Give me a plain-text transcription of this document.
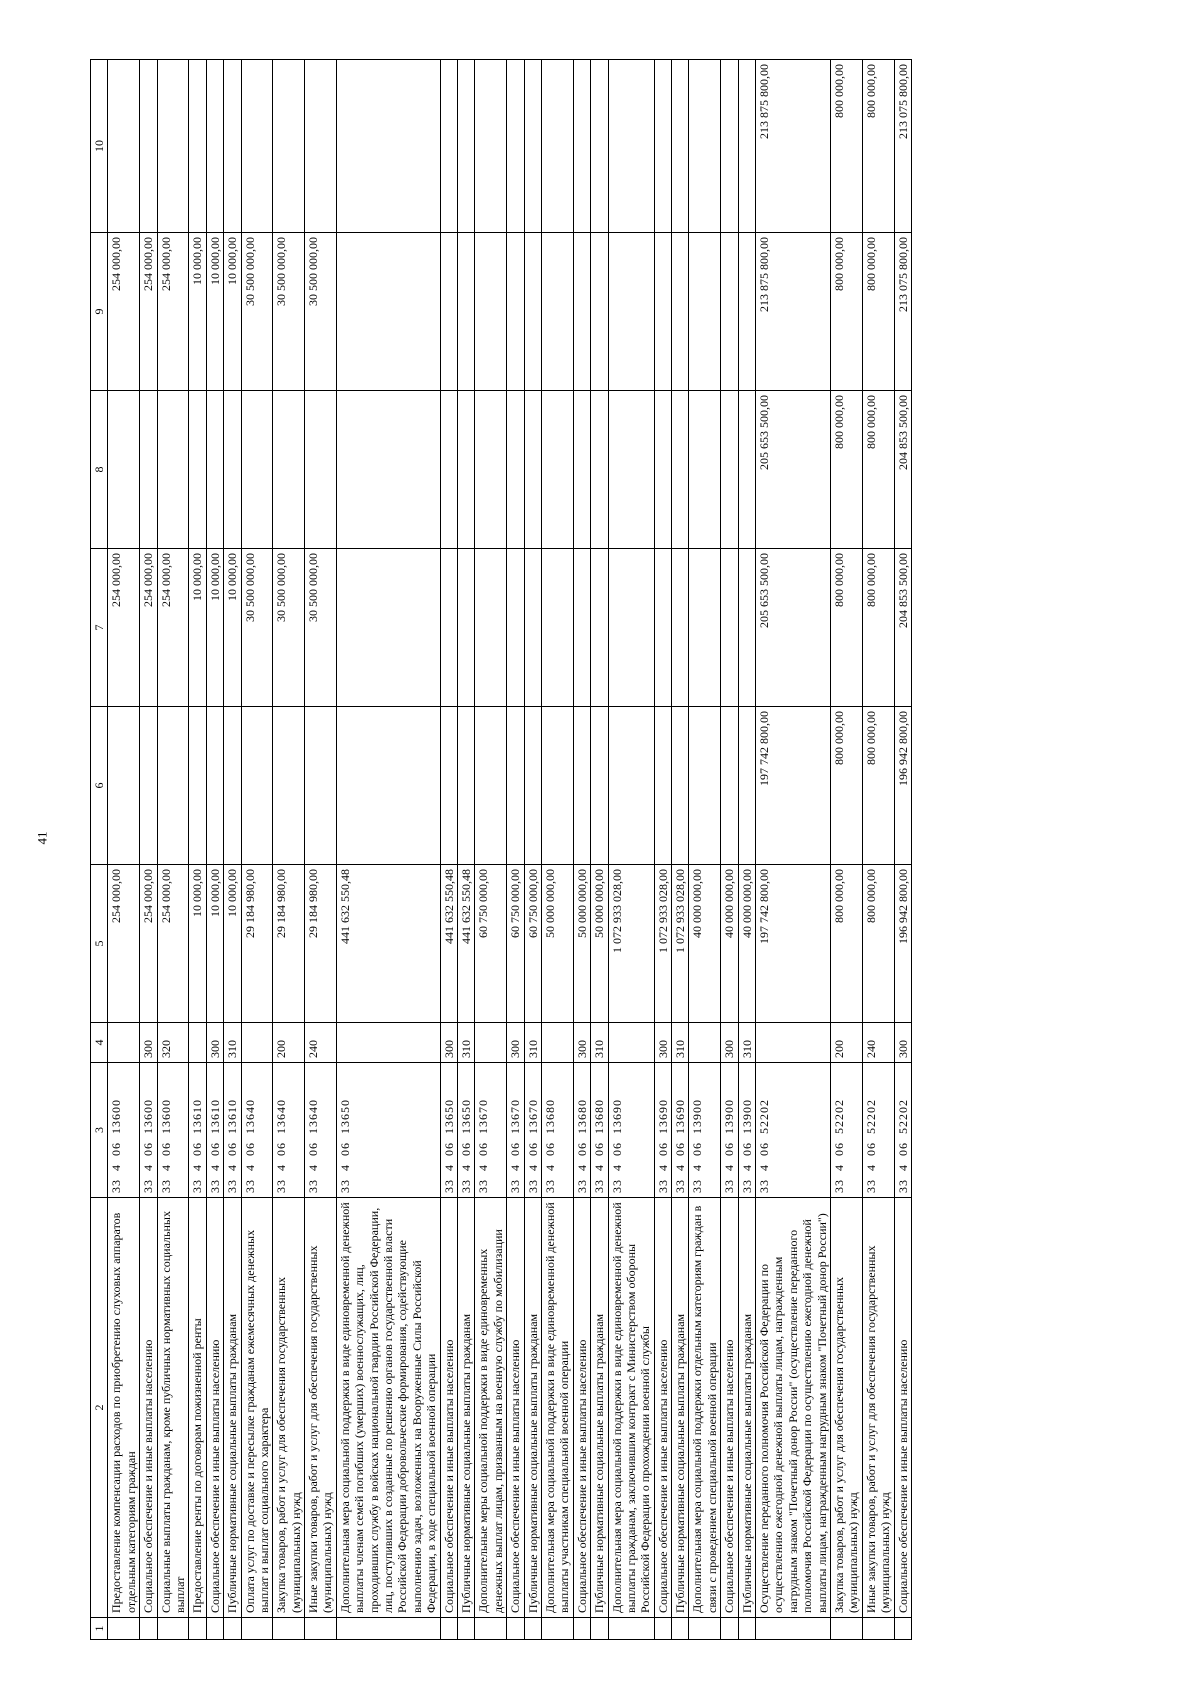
41
1	2	3	4	5	6	7	8	9	10
	Предоставление компенсации расходов по приобретению слуховых аппаратов отдельным категориям граждан	3340613600		254 000,00		254 000,00		254 000,00	
	Социальное обеспечение и иные выплаты населению	3340613600	300	254 000,00		254 000,00		254 000,00	
	Социальные выплаты гражданам, кроме публичных нормативных социальных выплат	3340613600	320	254 000,00		254 000,00		254 000,00	
	Предоставление ренты по договорам пожизненной ренты	3340613610		10 000,00		10 000,00		10 000,00	
	Социальное обеспечение и иные выплаты населению	3340613610	300	10 000,00		10 000,00		10 000,00	
	Публичные нормативные социальные выплаты гражданам	3340613610	310	10 000,00		10 000,00		10 000,00	
	Оплата услуг по доставке и пересылке гражданам ежемесячных денежных выплат и выплат социального характера	3340613640		29 184 980,00		30 500 000,00		30 500 000,00	
	Закупка товаров, работ и услуг для обеспечения государственных (муниципальных) нужд	3340613640	200	29 184 980,00		30 500 000,00		30 500 000,00	
	Иные закупки товаров, работ и услуг для обеспечения государственных (муниципальных) нужд	3340613640	240	29 184 980,00		30 500 000,00		30 500 000,00	
	Дополнительная мера социальной поддержки в виде единовременной денежной выплаты членам семей погибших (умерших) военнослужащих, лиц, проходивших службу в войсках национальной гвардии Российской Федерации, лиц, поступивших в созданные по решению органов государственной власти Российской Федерации добровольческие формирования, содействующие выполнению задач, возложенных на Вооруженные Силы Российской Федерации, в ходе специальной военной операции	3340613650		441 632 550,48					
	Социальное обеспечение и иные выплаты населению	3340613650	300	441 632 550,48					
	Публичные нормативные социальные выплаты гражданам	3340613650	310	441 632 550,48					
	Дополнительные меры социальной поддержки в виде единовременных денежных выплат лицам, призванным на военную службу по мобилизации	3340613670		60 750 000,00					
	Социальное обеспечение и иные выплаты населению	3340613670	300	60 750 000,00					
	Публичные нормативные социальные выплаты гражданам	3340613670	310	60 750 000,00					
	Дополнительная мера социальной поддержки в виде единовременной денежной выплаты участникам специальной военной операции	3340613680		50 000 000,00					
	Социальное обеспечение и иные выплаты населению	3340613680	300	50 000 000,00					
	Публичные нормативные социальные выплаты гражданам	3340613680	310	50 000 000,00					
	Дополнительная мера социальной поддержки в виде единовременной денежной выплаты гражданам, заключившим контракт с Министерством обороны Российской Федерации о прохождении военной службы	3340613690		1 072 933 028,00					
	Социальное обеспечение и иные выплаты населению	3340613690	300	1 072 933 028,00					
	Публичные нормативные социальные выплаты гражданам	3340613690	310	1 072 933 028,00					
	Дополнительная мера социальной поддержки отдельным категориям граждан в связи с проведением специальной военной операции	3340613900		40 000 000,00					
	Социальное обеспечение и иные выплаты населению	3340613900	300	40 000 000,00					
	Публичные нормативные социальные выплаты гражданам	3340613900	310	40 000 000,00					
	Осуществление переданного полномочия Российской Федерации по осуществлению ежегодной денежной выплаты лицам, награжденным нагрудным знаком "Почетный донор России" (осуществление переданного полномочия Российской Федерации по осуществлению ежегодной денежной выплаты лицам, награжденным нагрудным знаком "Почетный донор России")	3340652202		197 742 800,00	197 742 800,00	205 653 500,00	205 653 500,00	213 875 800,00	213 875 800,00
	Закупка товаров, работ и услуг для обеспечения государственных (муниципальных) нужд	3340652202	200	800 000,00	800 000,00	800 000,00	800 000,00	800 000,00	800 000,00
	Иные закупки товаров, работ и услуг для обеспечения государственных (муниципальных) нужд	3340652202	240	800 000,00	800 000,00	800 000,00	800 000,00	800 000,00	800 000,00
	Социальное обеспечение и иные выплаты населению	3340652202	300	196 942 800,00	196 942 800,00	204 853 500,00	204 853 500,00	213 075 800,00	213 075 800,00
